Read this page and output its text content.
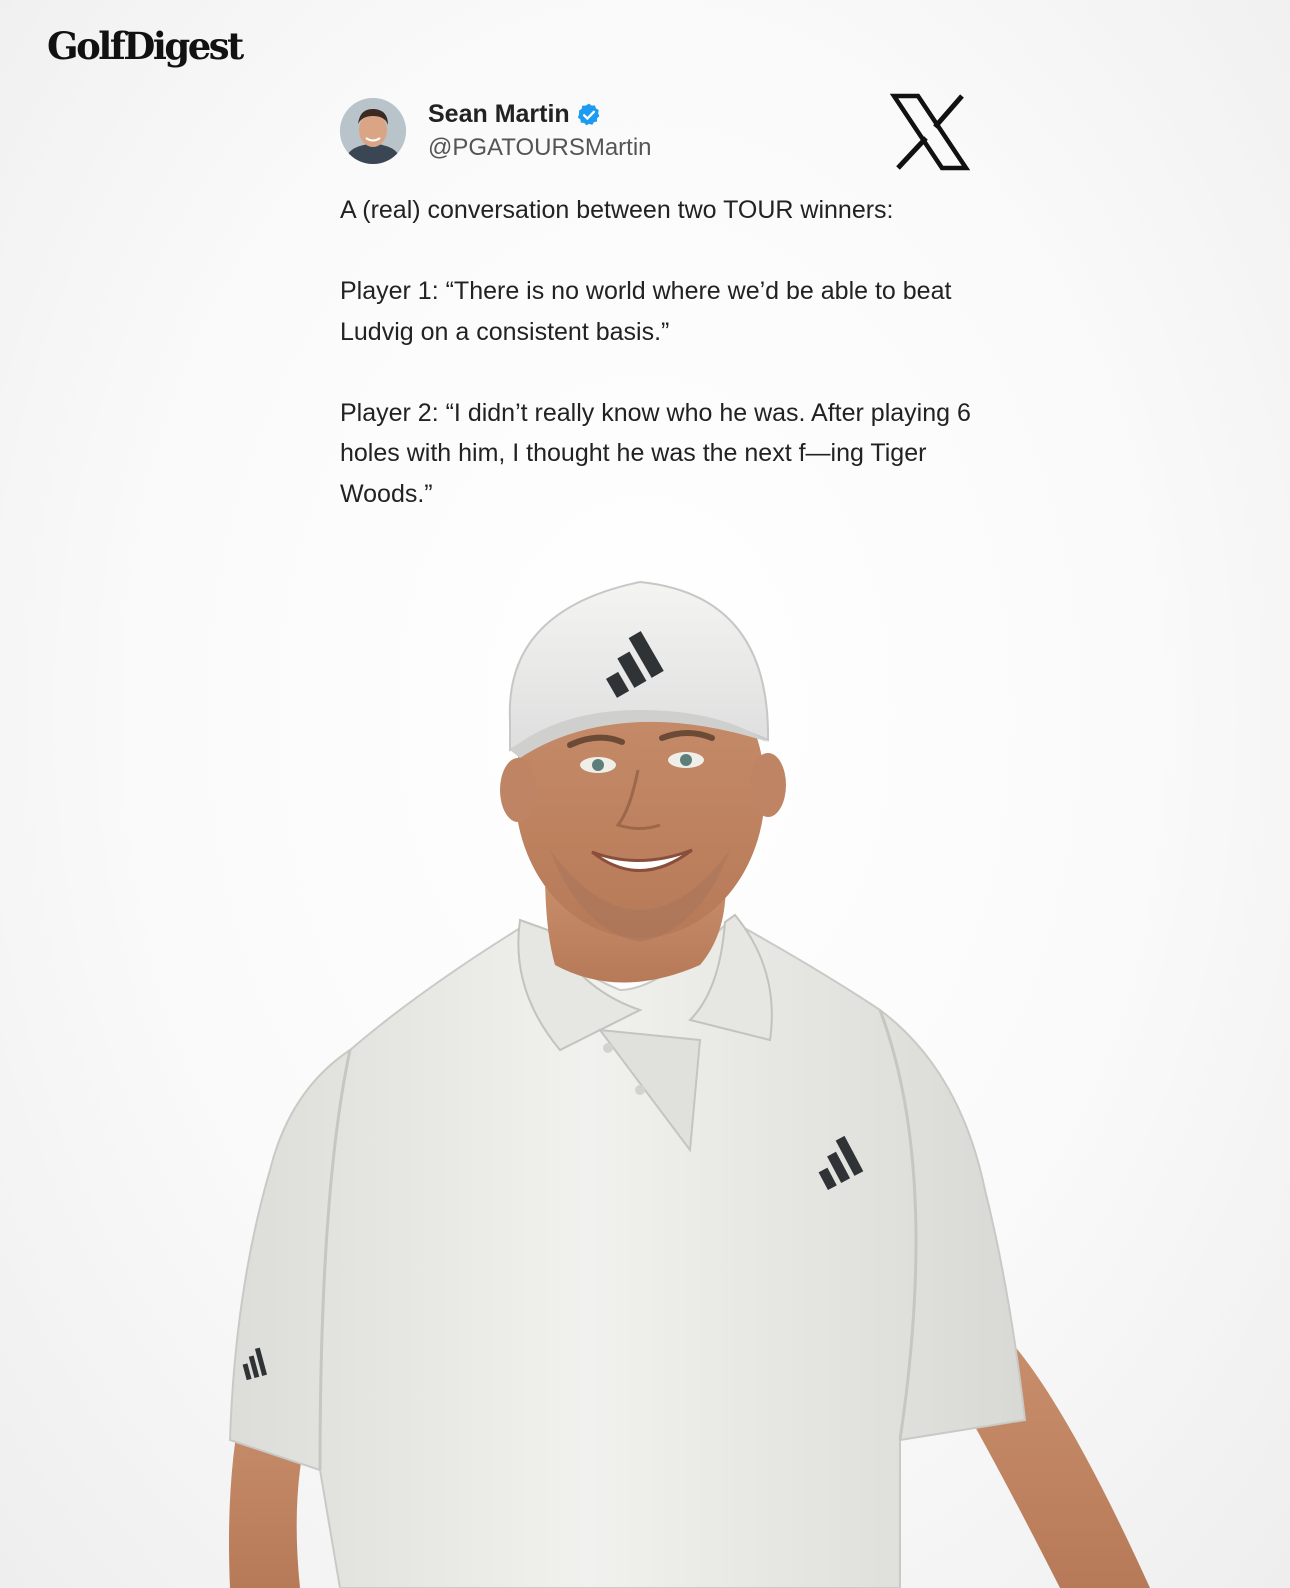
GolfDigest
Sean Martin
@PGATOURSMartin

A (real) conversation between two TOUR winners:

Player 1: “There is no world where we’d be able to beat Ludvig on a consistent basis.”

Player 2: “I didn’t really know who he was. After playing 6 holes with him, I thought he was the next f—ing Tiger Woods.”
